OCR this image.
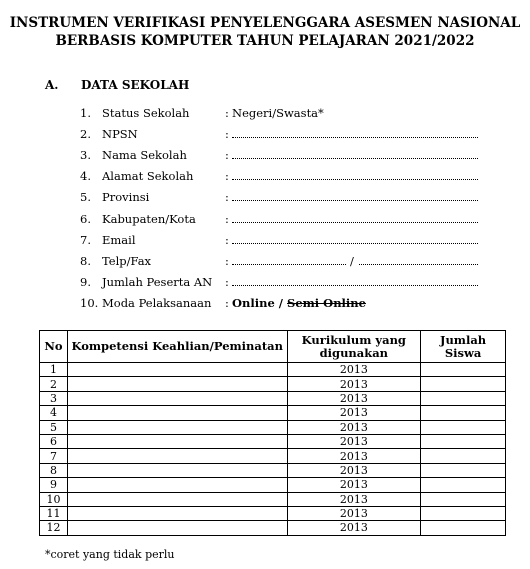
INSTRUMEN VERIFIKASI PENYELENGGARA ASESMEN NASIONAL
BERBASIS KOMPUTER TAHUN PELAJARAN 2021/2022
A. DATA SEKOLAH
1. Status Sekolah	: Negeri/Swasta*
2. NPSN	:
3. Nama Sekolah	:
4. Alamat Sekolah	:
5. Provinsi	:
6. Kabupaten/Kota	:
7. Email	:
8. Telp/Fax	:	/
9. Jumlah Peserta AN :
10. Moda Pelaksanaan : Online / Semi Online
No	Kompetensi Keahlian/Peminatan	Kurikulum yang digunakan	Jumlah Siswa
1		2013	
2		2013	
3		2013	
4		2013	
5		2013	
6		2013	
7		2013	
8		2013	
9		2013	
10		2013	
11		2013	
12		2013	
*coret yang tidak perlu
